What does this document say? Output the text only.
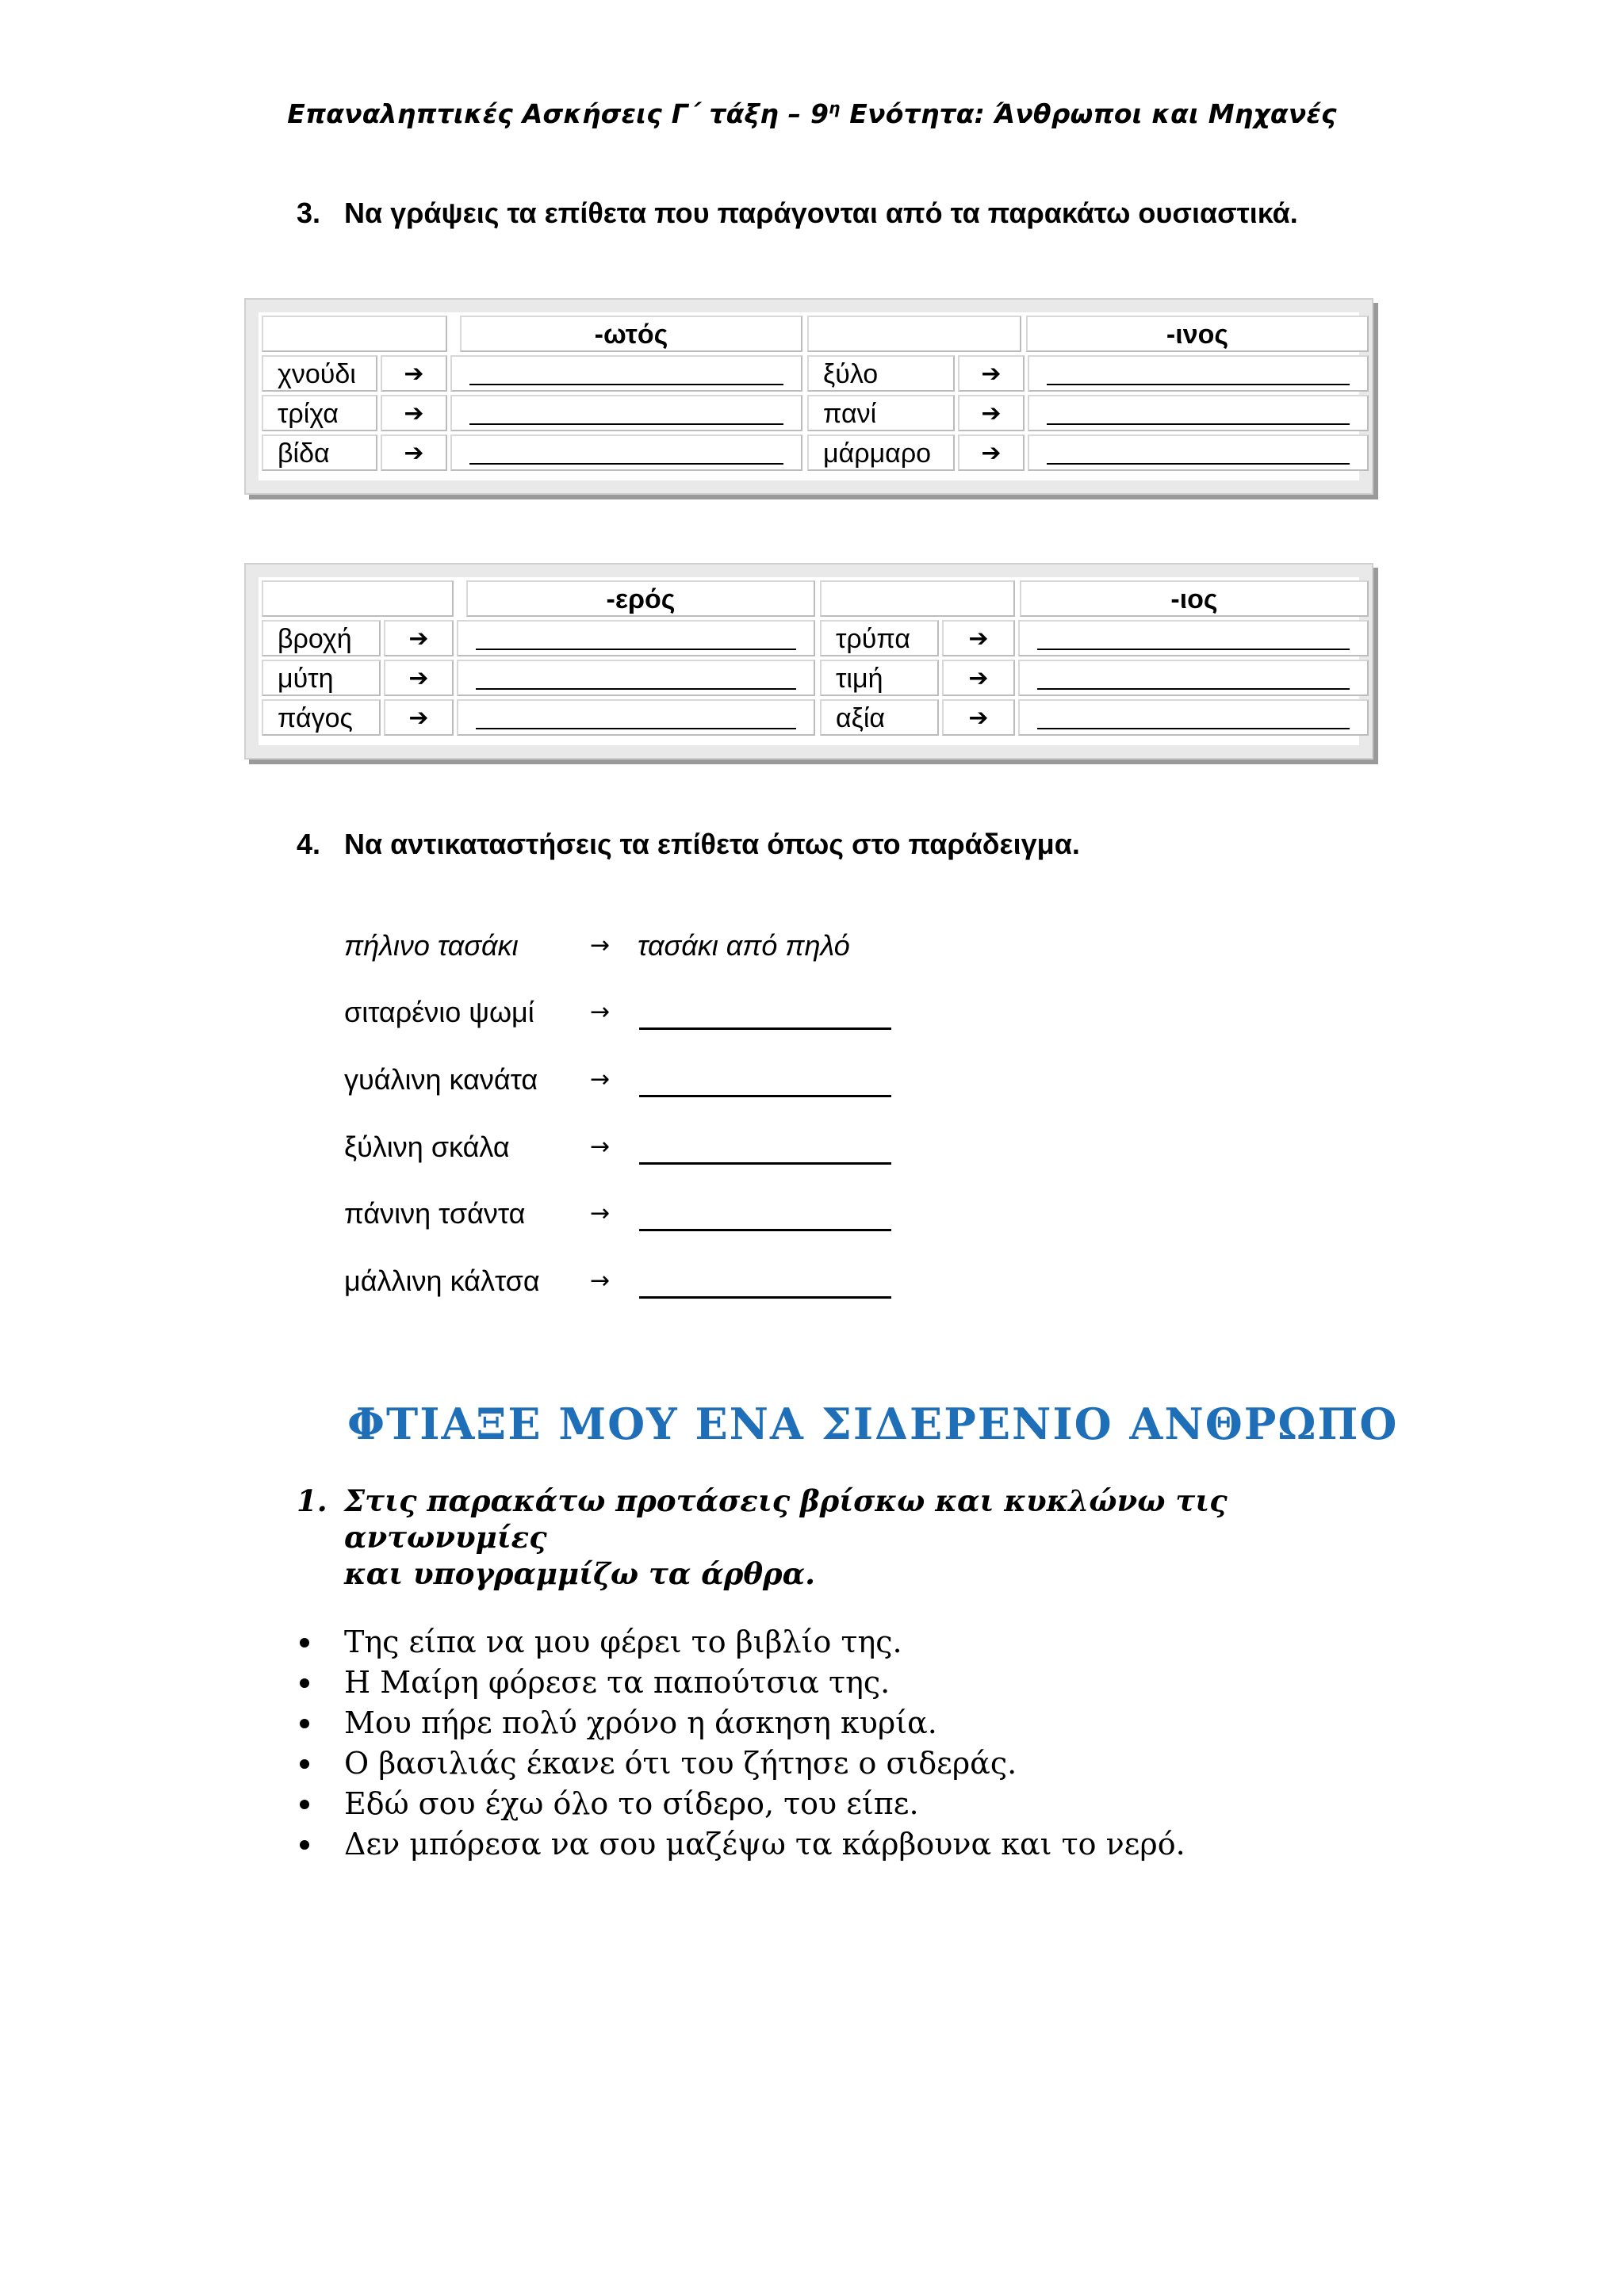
Επαναληπτικές Ασκήσεις Γ΄ τάξη – $9^\eta$ Ενότητα: Άνθρωποι και Μηχανές
3. Να γράψεις τα επίθετα που παράγονται από τα παρακάτω ουσιαστικά.
-ωτός	-ινος
χνούδι	➔	ξύλο	➔
τρίχα	➔	πανί	➔
βίδα	➔	μάρμαρο	➔
-ερός	-ιος
βροχή	➔	τρύπα	➔
μύτη	➔	τιμή	➔
πάγος	➔	αξία	➔
4. Να αντικαταστήσεις τα επίθετα όπως στο παράδειγμα.
πήλινο τασάκι	→ τασάκι από πηλό
σιταρένιο ψωμί	→
γυάλινη κανάτα	→
ξύλινη σκάλα	→
πάνινη τσάντα	→
μάλλινη κάλτσα	→
ΦΤΙΑΞΕ ΜΟΥ ΕΝΑ ΣΙΔΕΡΕΝΙΟ ΑΝΘΡΩΠΟ
1. Στις παρακάτω προτάσεις βρίσκω και κυκλώνω τις αντωνυμίες
και υπογραμμίζω τα άρθρα.
Της είπα να μου φέρει το βιβλίο της.
Η Μαίρη φόρεσε τα παπούτσια της.
Μου πήρε πολύ χρόνο η άσκηση κυρία.
Ο βασιλιάς έκανε ότι του ζήτησε ο σιδεράς.
Εδώ σου έχω όλο το σίδερο, του είπε.
Δεν μπόρεσα να σου μαζέψω τα κάρβουνα και το νερό.
